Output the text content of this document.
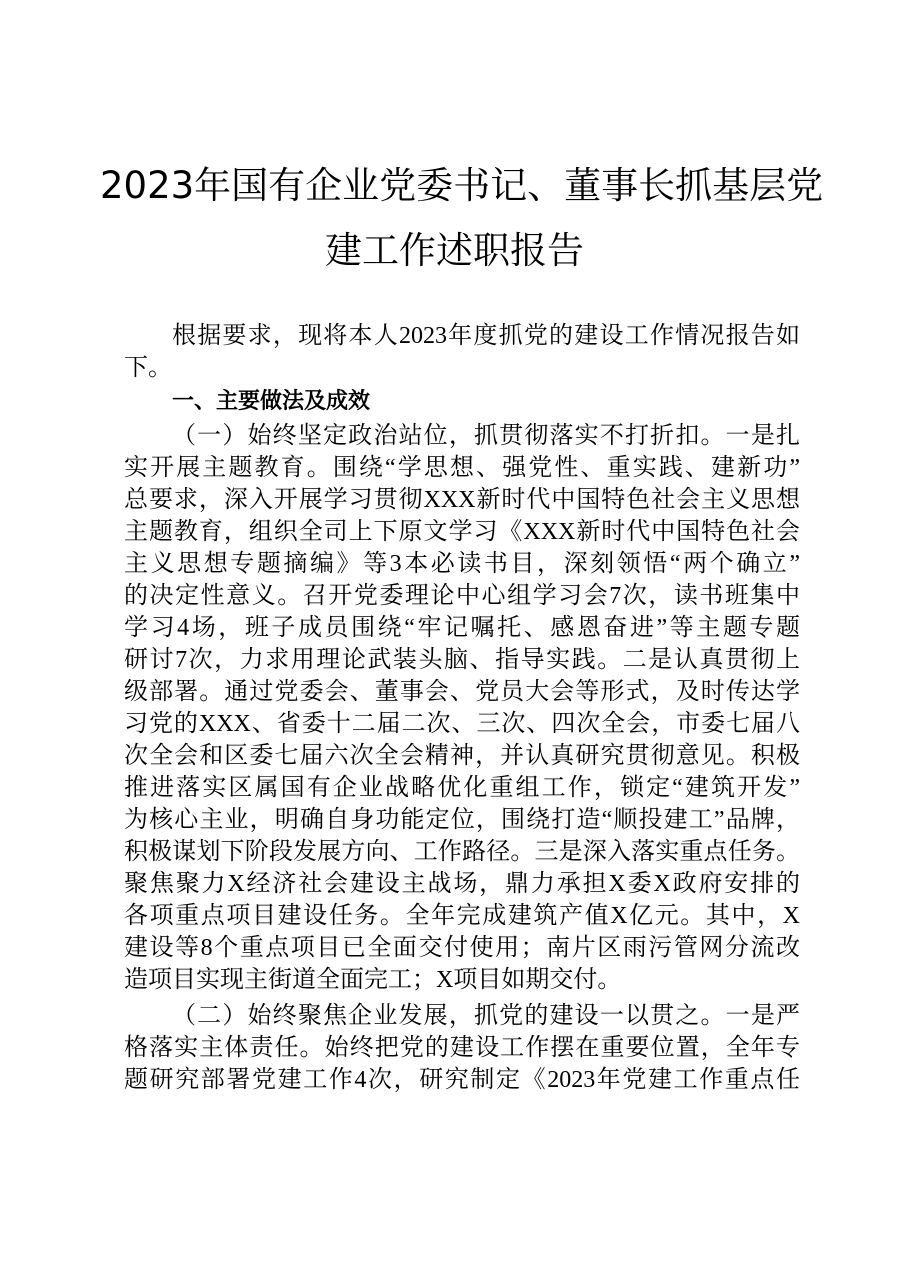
2023年国有企业党委书记、董事长抓基层党
建工作述职报告
根据要求，现将本人2023年度抓党的建设工作情况报告如
下。
一、主要做法及成效
（一）始终坚定政治站位，抓贯彻落实不打折扣。一是扎
实开展主题教育。围绕“学思想、强党性、重实践、建新功”
总要求，深入开展学习贯彻XXX新时代中国特色社会主义思想
主题教育，组织全司上下原文学习《XXX新时代中国特色社会
主义思想专题摘编》等3本必读书目，深刻领悟“两个确立”
的决定性意义。召开党委理论中心组学习会7次，读书班集中
学习4场，班子成员围绕“牢记嘱托、感恩奋进”等主题专题
研讨7次，力求用理论武装头脑、指导实践。二是认真贯彻上
级部署。通过党委会、董事会、党员大会等形式，及时传达学
习党的XXX、省委十二届二次、三次、四次全会，市委七届八
次全会和区委七届六次全会精神，并认真研究贯彻意见。积极
推进落实区属国有企业战略优化重组工作，锁定“建筑开发”
为核心主业，明确自身功能定位，围绕打造“顺投建工”品牌，
积极谋划下阶段发展方向、工作路径。三是深入落实重点任务。
聚焦聚力X经济社会建设主战场，鼎力承担X委X政府安排的
各项重点项目建设任务。全年完成建筑产值X亿元。其中，X
建设等8个重点项目已全面交付使用；南片区雨污管网分流改
造项目实现主街道全面完工；X项目如期交付。
（二）始终聚焦企业发展，抓党的建设一以贯之。一是严
格落实主体责任。始终把党的建设工作摆在重要位置，全年专
题研究部署党建工作4次，研究制定《2023年党建工作重点任
